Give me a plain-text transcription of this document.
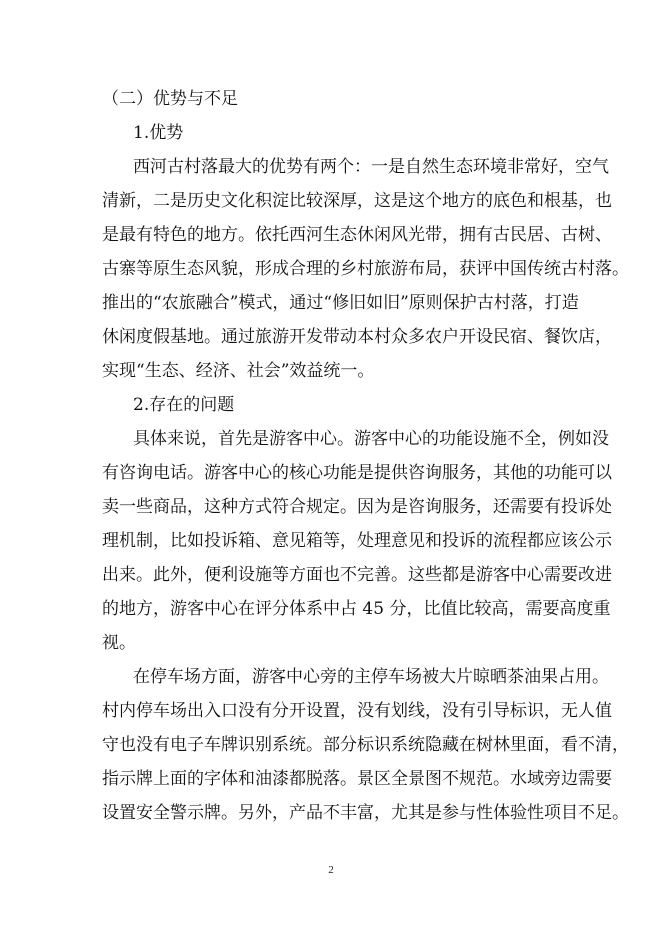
（二）优势与不足
1.优势
西河古村落最大的优势有两个：一是自然生态环境非常好，空气
清新，二是历史文化积淀比较深厚，这是这个地方的底色和根基，也
是最有特色的地方。依托西河生态休闲风光带，拥有古民居、古树、
古寨等原生态风貌，形成合理的乡村旅游布局，获评中国传统古村落。
推出的“农旅融合”模式，通过“修旧如旧”原则保护古村落，打造
休闲度假基地。通过旅游开发带动本村众多农户开设民宿、餐饮店，
实现“生态、经济、社会”效益统一。
2.存在的问题
具体来说，首先是游客中心。游客中心的功能设施不全，例如没
有咨询电话。游客中心的核心功能是提供咨询服务，其他的功能可以
卖一些商品，这种方式符合规定。因为是咨询服务，还需要有投诉处
理机制，比如投诉箱、意见箱等，处理意见和投诉的流程都应该公示
出来。此外，便利设施等方面也不完善。这些都是游客中心需要改进
的地方，游客中心在评分体系中占 45 分，比值比较高，需要高度重
视。
在停车场方面，游客中心旁的主停车场被大片晾晒茶油果占用。
村内停车场出入口没有分开设置，没有划线，没有引导标识，无人值
守也没有电子车牌识别系统。部分标识系统隐藏在树林里面，看不清，
指示牌上面的字体和油漆都脱落。景区全景图不规范。水域旁边需要
设置安全警示牌。另外，产品不丰富，尤其是参与性体验性项目不足。
2
